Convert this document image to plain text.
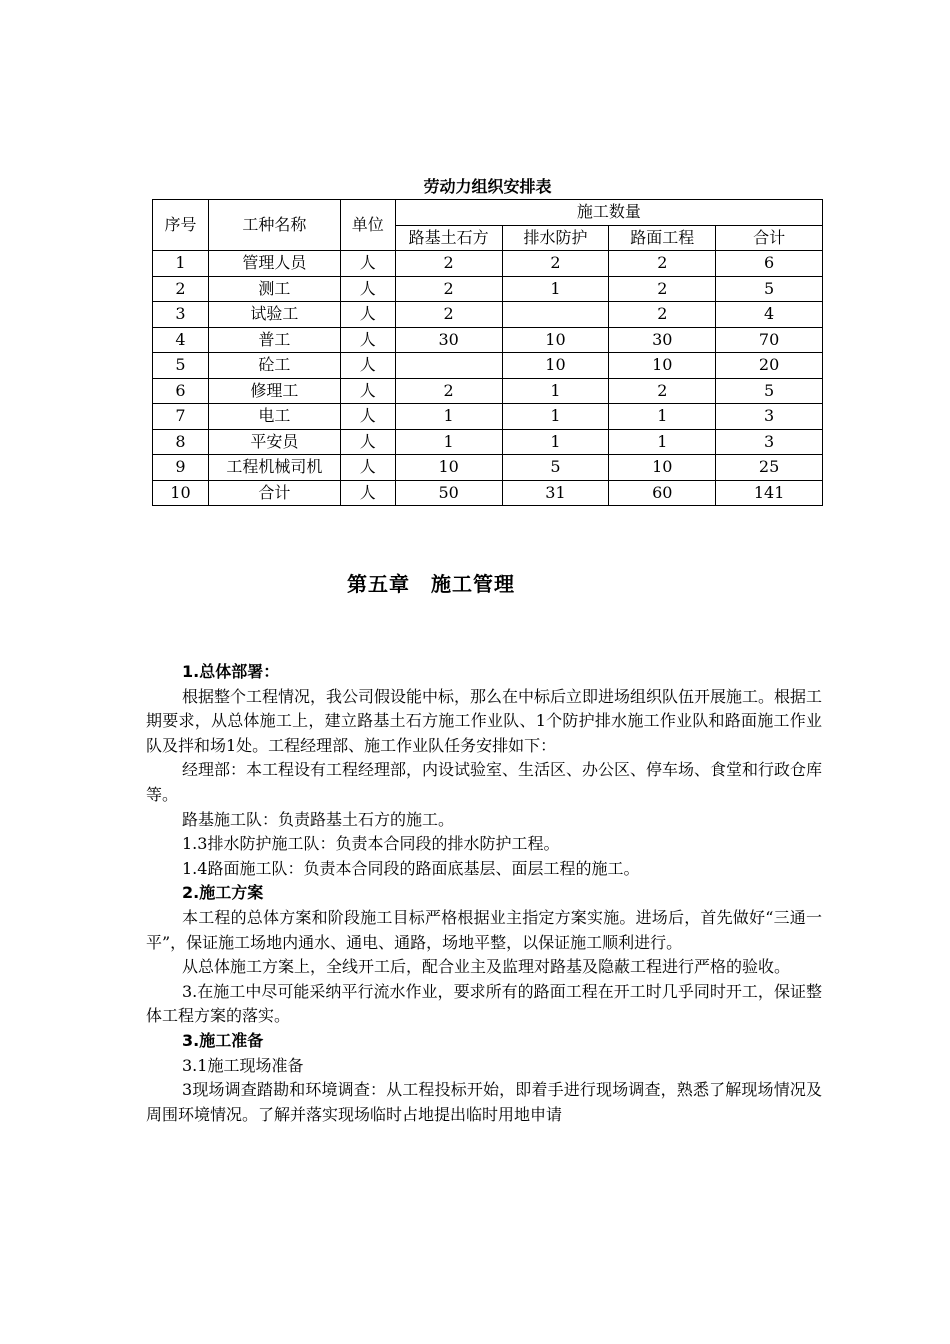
劳动力组织安排表
序号	工种名称	单位	施工数量			
			路基土石方	排水防护	路面工程	合计
1	管理人员	人	2	2	2	6
2	测工	人	2	1	2	5
3	试验工	人	2		2	4
4	普工	人	30	10	30	70
5	砼工	人		10	10	20
6	修理工	人	2	1	2	5
7	电工	人	1	1	1	3
8	平安员	人	1	1	1	3
9	工程机械司机	人	10	5	10	25
10	合计	人	50	31	60	141
第五章　施工管理

1.总体部署：

根据整个工程情况，我公司假设能中标，那么在中标后立即进场组织队伍开展施工。根据工期要求，从总体施工上，建立路基土石方施工作业队、1个防护排水施工作业队和路面施工作业队及拌和场1处。工程经理部、施工作业队任务安排如下：

经理部：本工程设有工程经理部，内设试验室、生活区、办公区、停车场、食堂和行政仓库等。

路基施工队：负责路基土石方的施工。

1.3排水防护施工队：负责本合同段的排水防护工程。

1.4路面施工队：负责本合同段的路面底基层、面层工程的施工。

2.施工方案

本工程的总体方案和阶段施工目标严格根据业主指定方案实施。进场后，首先做好“三通一平”，保证施工场地内通水、通电、通路，场地平整，以保证施工顺利进行。

从总体施工方案上，全线开工后，配合业主及监理对路基及隐蔽工程进行严格的验收。

3.在施工中尽可能采纳平行流水作业，要求所有的路面工程在开工时几乎同时开工，保证整体工程方案的落实。

3.施工准备

3.1施工现场准备

3现场调查踏勘和环境调查：从工程投标开始，即着手进行现场调查，熟悉了解现场情况及周围环境情况。了解并落实现场临时占地提出临时用地申请
